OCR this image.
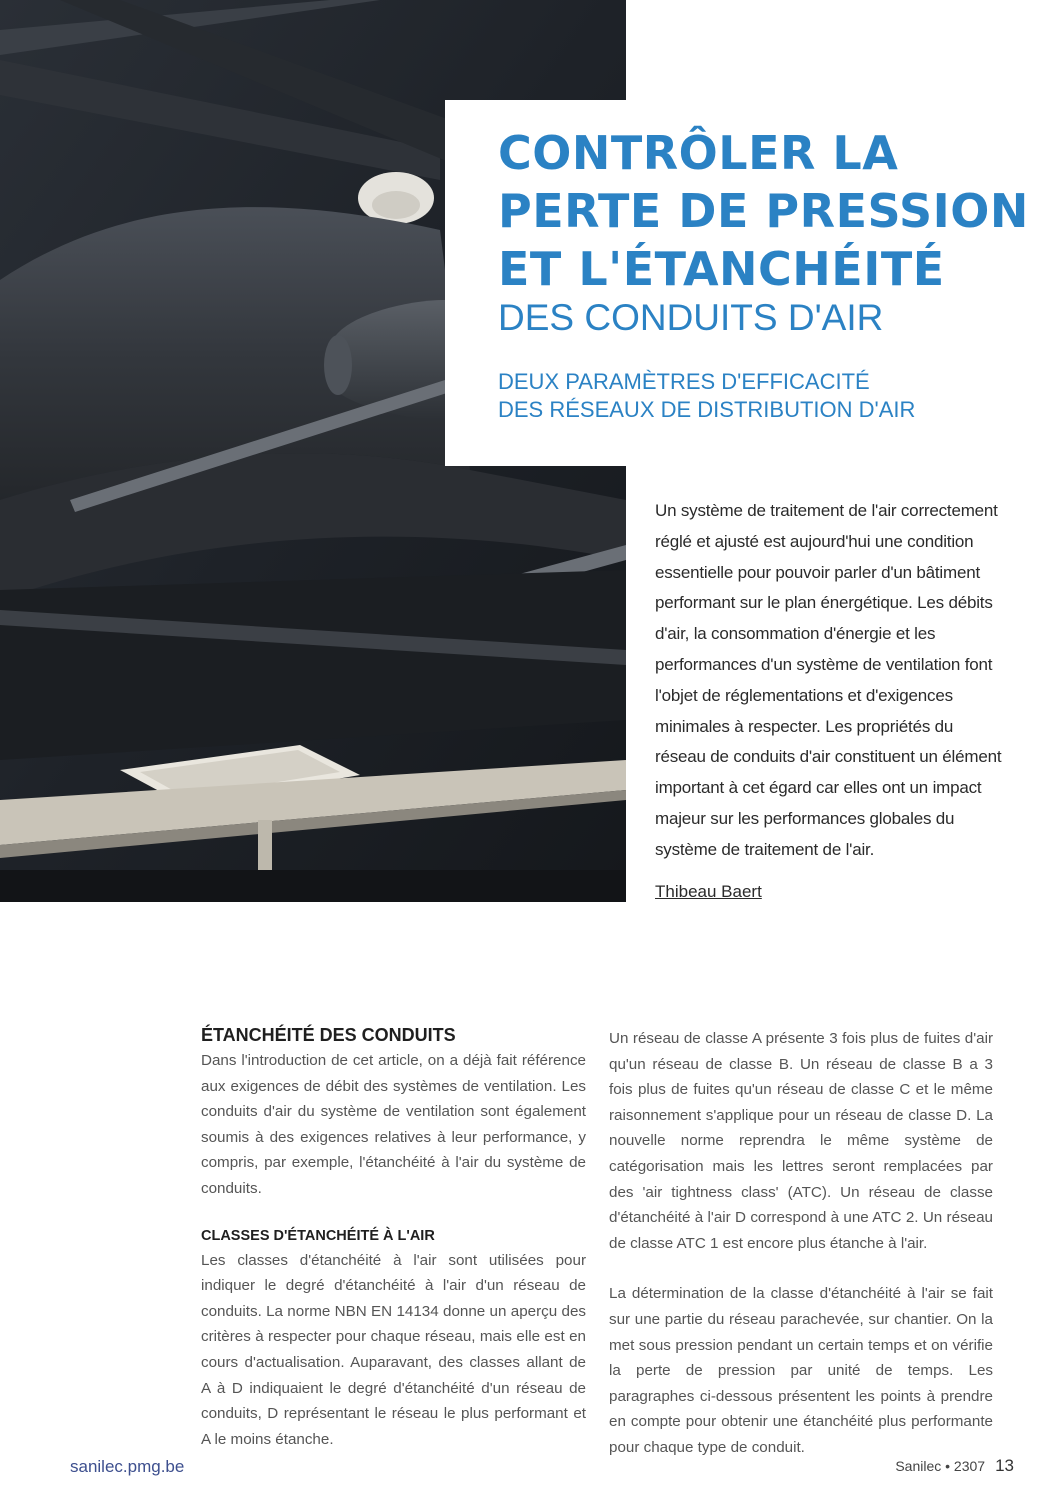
CONTRÔLER LA
PERTE DE PRESSION
ET L'ÉTANCHÉITÉ

DES CONDUITS D'AIR

DEUX PARAMÈTRES D'EFFICACITÉ
DES RÉSEAUX DE DISTRIBUTION D'AIR

Un système de traitement de l'air correctement réglé et ajusté est aujourd'hui une condition essentielle pour pouvoir parler d'un bâtiment performant sur le plan énergétique. Les débits d'air, la consommation d'énergie et les performances d'un système de ventilation font l'objet de réglementations et d'exigences minimales à respecter. Les propriétés du réseau de conduits d'air constituent un élément important à cet égard car elles ont un impact majeur sur les performances globales du système de traitement de l'air.

Thibeau Baert

ÉTANCHÉITÉ DES CONDUITS

Dans l'introduction de cet article, on a déjà fait référence aux exigences de débit des systèmes de ventilation. Les conduits d'air du système de ventilation sont également soumis à des exigences relatives à leur performance, y compris, par exemple, l'étanchéité à l'air du système de conduits.

CLASSES D'ÉTANCHÉITÉ À L'AIR

Les classes d'étanchéité à l'air sont utilisées pour indiquer le degré d'étanchéité à l'air d'un réseau de conduits. La norme NBN EN 14134 donne un aperçu des critères à respecter pour chaque réseau, mais elle est en cours d'actualisation. Auparavant, des classes allant de A à D indiquaient le degré d'étanchéité d'un réseau de conduits, D représentant le réseau le plus performant et A le moins étanche.

Un réseau de classe A présente 3 fois plus de fuites d'air qu'un réseau de classe B. Un réseau de classe B a 3 fois plus de fuites qu'un réseau de classe C et le même raisonnement s'applique pour un réseau de classe D. La nouvelle norme reprendra le même système de catégorisation mais les lettres seront remplacées par des 'air tightness class' (ATC). Un réseau de classe d'étanchéité à l'air D correspond à une ATC 2. Un réseau de classe ATC 1 est encore plus étanche à l'air.

La détermination de la classe d'étanchéité à l'air se fait sur une partie du réseau parachevée, sur chantier. On la met sous pression pendant un certain temps et on vérifie la perte de pression par unité de temps. Les paragraphes ci-dessous présentent les points à prendre en compte pour obtenir une étanchéité plus performante pour chaque type de conduit.

sanilec.pmg.be	Sanilec • 2307 13
